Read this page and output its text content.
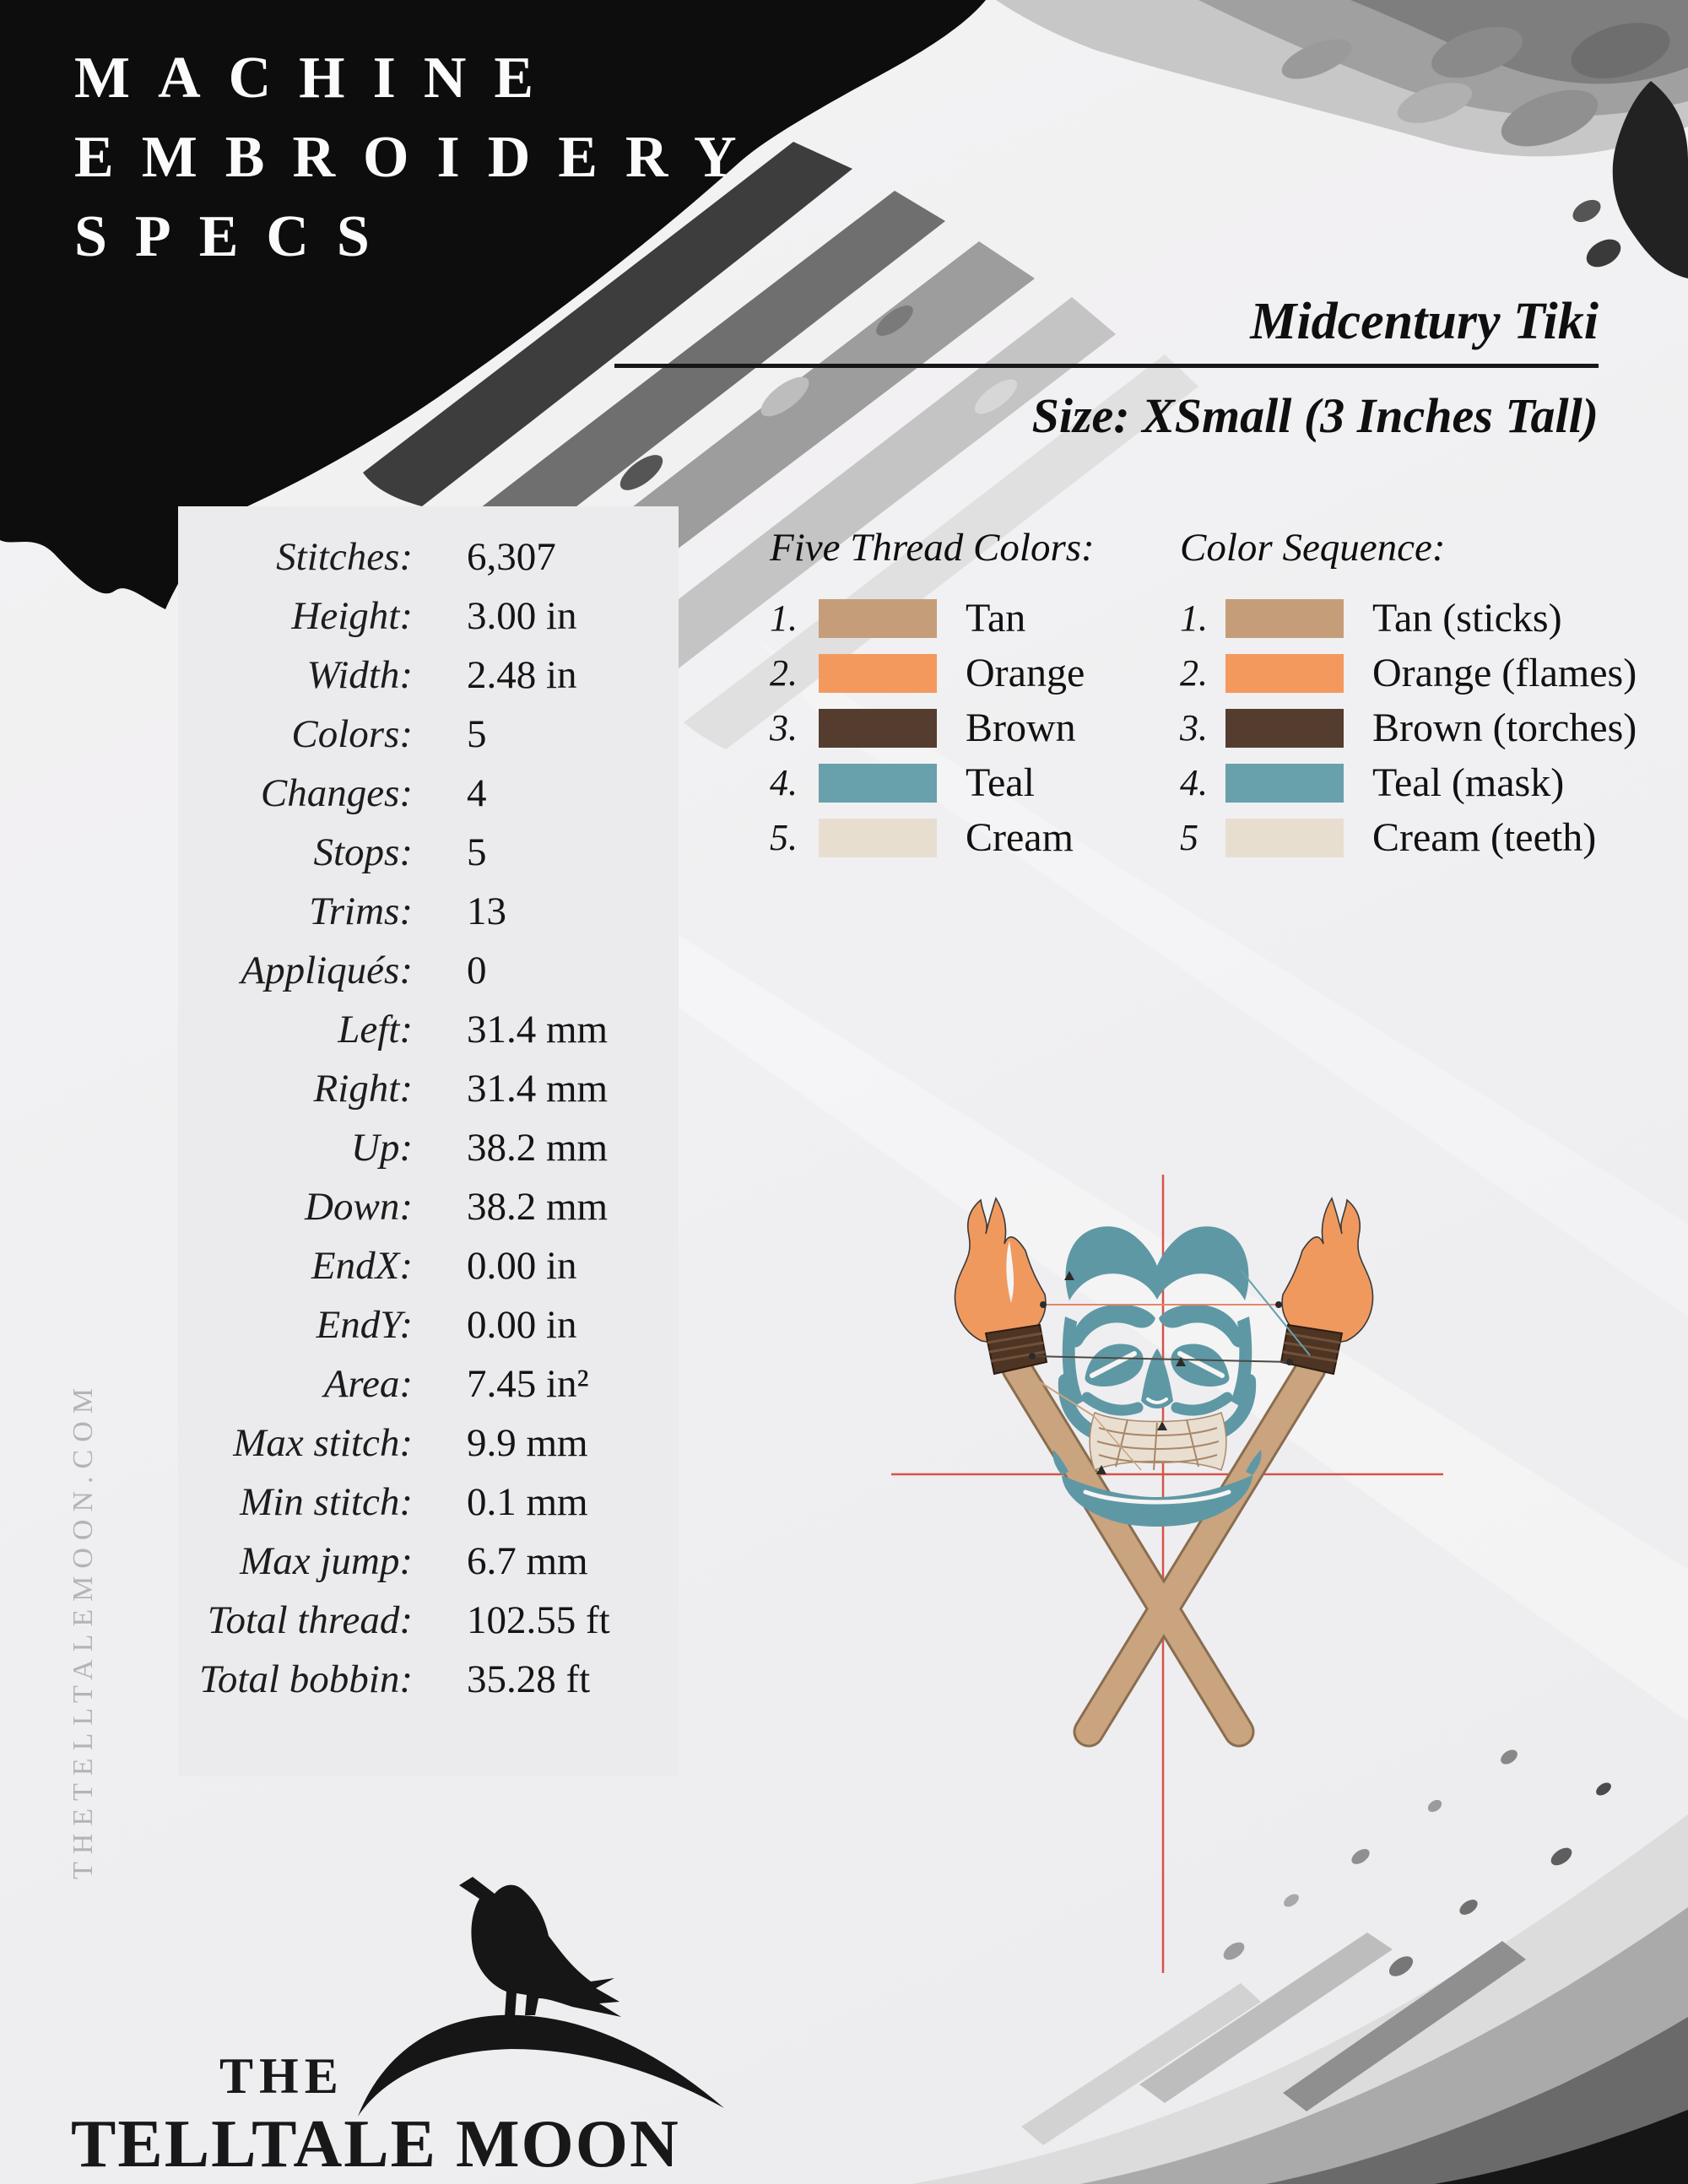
MACHINE
EMBROIDERY
SPECS
Midcentury Tiki
Size: XSmall (3 Inches Tall)
Stitches: 6,307
Height: 3.00 in
Width: 2.48 in
Colors: 5
Changes: 4
Stops: 5
Trims: 13
Appliqués: 0
Left: 31.4 mm
Right: 31.4 mm
Up: 38.2 mm
Down: 38.2 mm
EndX: 0.00 in
EndY: 0.00 in
Area: 7.45 in²
Max stitch: 9.9 mm
Min stitch: 0.1 mm
Max jump: 6.7 mm
Total thread: 102.55 ft
Total bobbin: 35.28 ft
Five Thread Colors:
1.	Tan
2.	Orange
3.	Brown
4.	Teal
5.	Cream
Color Sequence:
1.	Tan (sticks)
2.	Orange (flames)
3.	Brown (torches)
4.	Teal (mask)
5	Cream (teeth)
THETELLTALEMOON.COM
THE
TELLTALE MOON
